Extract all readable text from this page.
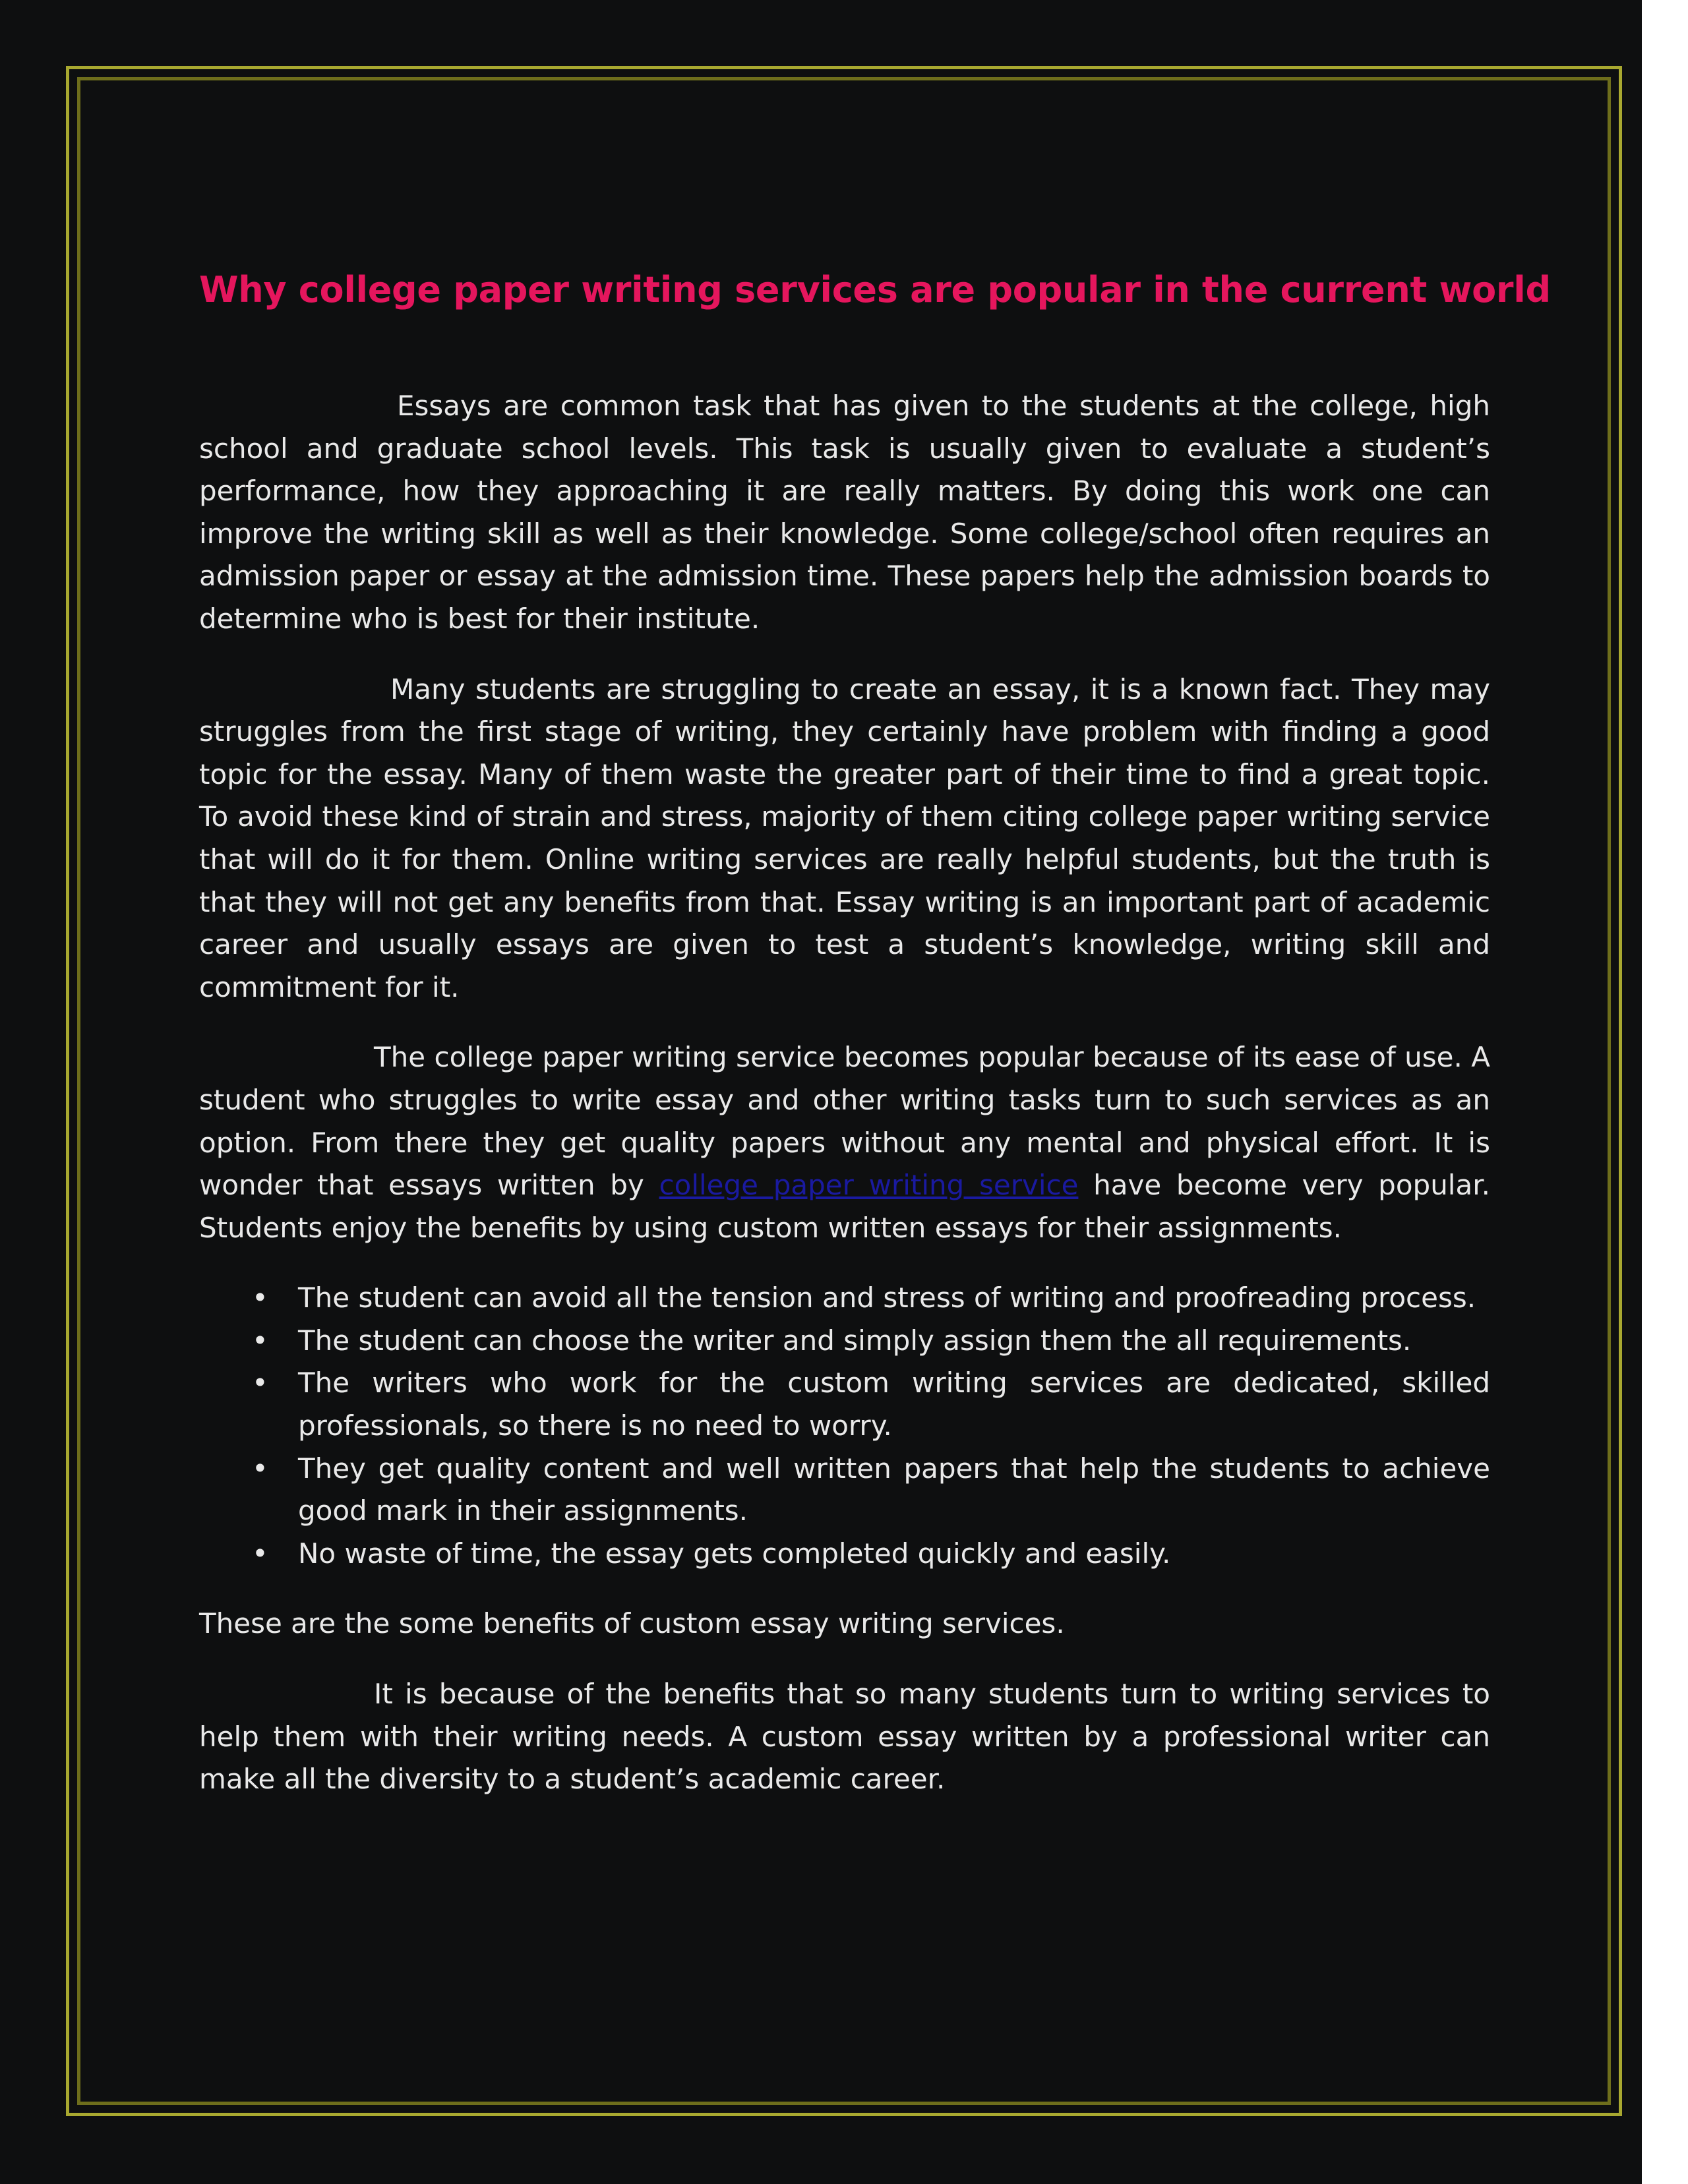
Why college paper writing services are popular in the current world

Essays are common task that has given to the students at the college, high school and graduate school levels. This task is usually given to evaluate a student’s performance, how they approaching it are really matters. By doing this work one can improve the writing skill as well as their knowledge. Some college/school often requires an admission paper or essay at the admission time. These papers help the admission boards to determine who is best for their institute.

Many students are struggling to create an essay, it is a known fact. They may struggles from the first stage of writing, they certainly have problem with finding a good topic for the essay. Many of them waste the greater part of their time to find a great topic. To avoid these kind of strain and stress, majority of them citing college paper writing service that will do it for them. Online writing services are really helpful students, but the truth is that they will not get any benefits from that. Essay writing is an important part of academic career and usually essays are given to test a student’s knowledge, writing skill and commitment for it.

The college paper writing service becomes popular because of its ease of use. A student who struggles to write essay and other writing tasks turn to such services as an option. From there they get quality papers without any mental and physical effort. It is wonder that essays written by college paper writing service have become very popular. Students enjoy the benefits by using custom written essays for their assignments.

• The student can avoid all the tension and stress of writing and proofreading process.
• The student can choose the writer and simply assign them the all requirements.
• The writers who work for the custom writing services are dedicated, skilled professionals, so there is no need to worry.
• They get quality content and well written papers that help the students to achieve good mark in their assignments.
• No waste of time, the essay gets completed quickly and easily.

These are the some benefits of custom essay writing services.

It is because of the benefits that so many students turn to writing services to help them with their writing needs. A custom essay written by a professional writer can make all the diversity to a student’s academic career.
